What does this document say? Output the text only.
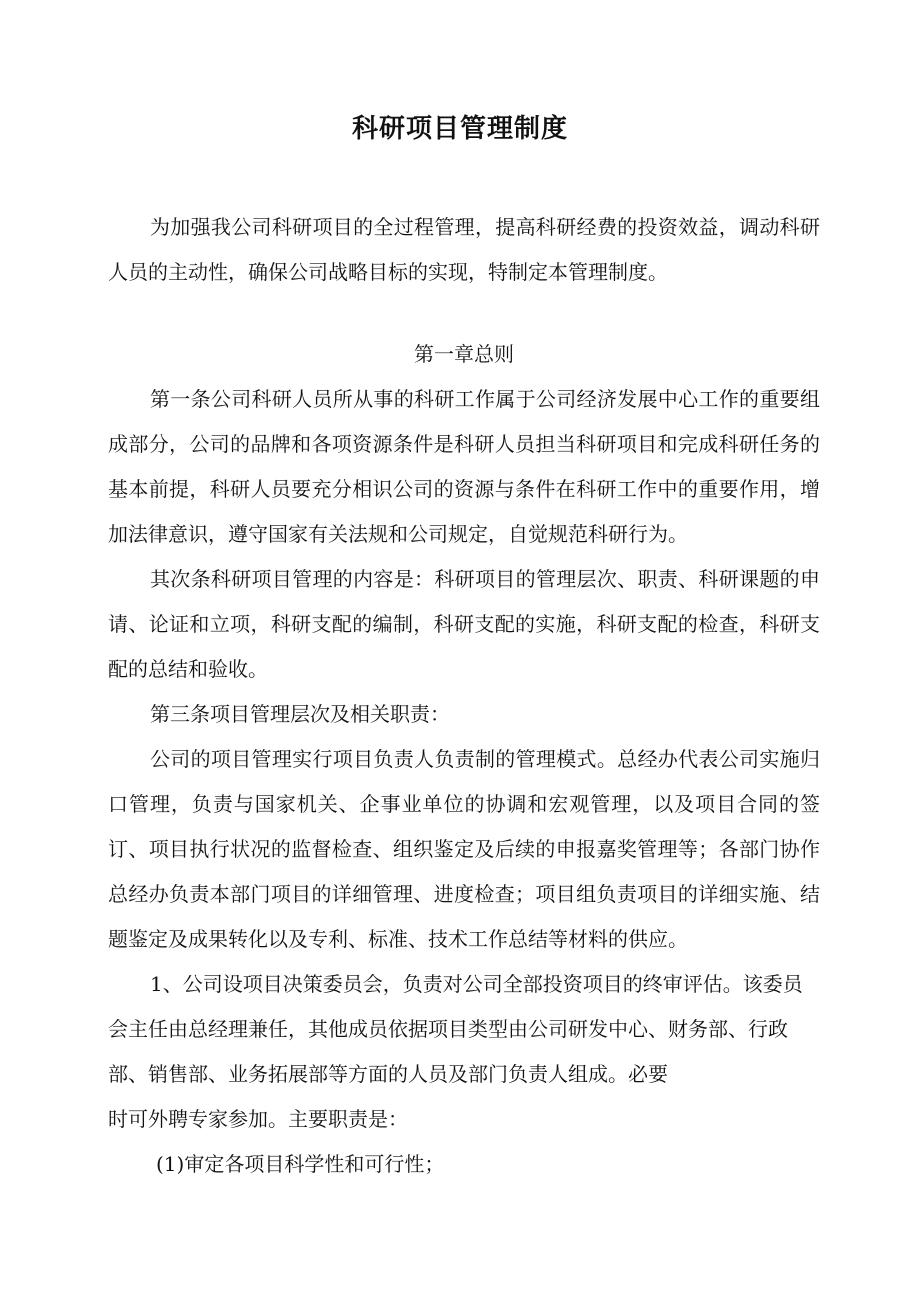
科研项目管理制度

为加强我公司科研项目的全过程管理，提高科研经费的投资效益，调动科研人员的主动性，确保公司战略目标的实现，特制定本管理制度。

第一章总则

第一条公司科研人员所从事的科研工作属于公司经济发展中心工作的重要组成部分，公司的品牌和各项资源条件是科研人员担当科研项目和完成科研任务的基本前提，科研人员要充分相识公司的资源与条件在科研工作中的重要作用，增加法律意识，遵守国家有关法规和公司规定，自觉规范科研行为。

其次条科研项目管理的内容是：科研项目的管理层次、职责、科研课题的申请、论证和立项，科研支配的编制，科研支配的实施，科研支配的检查，科研支配的总结和验收。

第三条项目管理层次及相关职责：

公司的项目管理实行项目负责人负责制的管理模式。总经办代表公司实施归口管理，负责与国家机关、企事业单位的协调和宏观管理，以及项目合同的签订、项目执行状况的监督检查、组织鉴定及后续的申报嘉奖管理等；各部门协作总经办负责本部门项目的详细管理、进度检查；项目组负责项目的详细实施、结题鉴定及成果转化以及专利、标准、技术工作总结等材料的供应。

1、公司设项目决策委员会，负责对公司全部投资项目的终审评估。该委员会主任由总经理兼任，其他成员依据项目类型由公司研发中心、财务部、行政部、销售部、业务拓展部等方面的人员及部门负责人组成。必要

时可外聘专家参加。主要职责是：

(1)审定各项目科学性和可行性；
